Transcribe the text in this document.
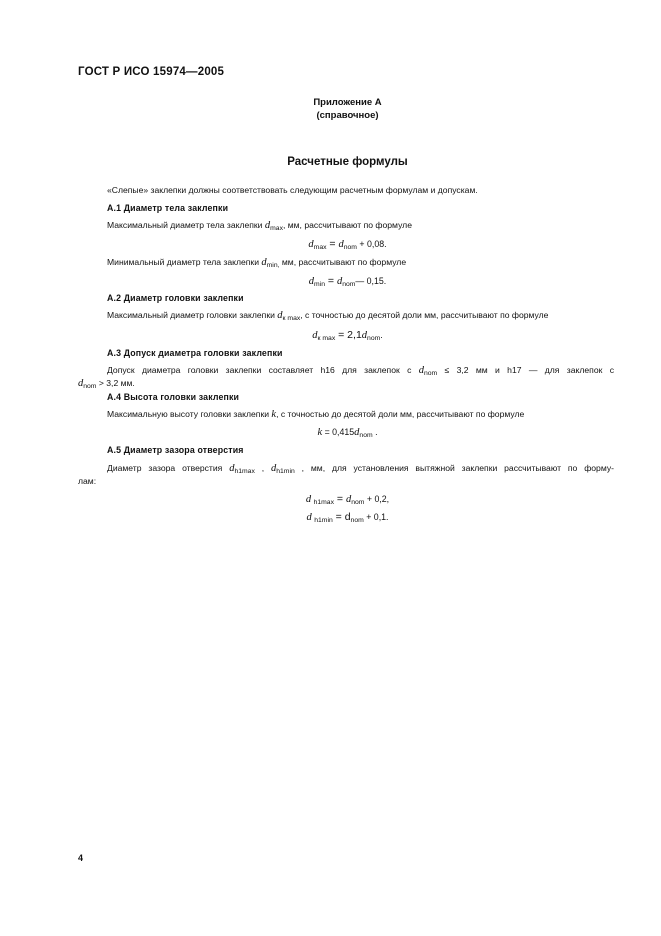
ГОСТ Р ИСО 15974—2005
Приложение А
(справочное)
Расчетные формулы
«Слепые» заклепки должны соответствовать следующим расчетным формулам и допускам.
А.1 Диаметр тела заклепки
Максимальный диаметр тела заклепки $d_{max}$, мм, рассчитывают по формуле
$d_{max} = d_{nom} + 0,08$.
Минимальный диаметр тела заклепки $d_{min,}$ мм, рассчитывают по формуле
$d_{min}$ = $d_{nom}—$ 0,15.
А.2 Диаметр головки заклепки
Максимальный диаметр головки заклепки $d_{к max}$, с точностью до десятой доли мм, рассчитывают по формуле
$d_{к max} = 2,1d_{nom}$.
А.3 Допуск диаметра головки заклепки
Допуск диаметра головки заклепки составляет h16 для заклепок с $d_{nom} \le 3,2$ мм и h17 — для заклепок с
$d_{nom} > 3,2$ мм.
А.4 Высота головки заклепки
Максимальную высоту головки заклепки k, с точностью до десятой доли мм, рассчитывают по формуле
$k = 0,415d_{nom}$ .
А.5 Диаметр зазора отверстия
Диаметр зазора отверстия $d_{h1max}$ , $d_{h1min}$ , мм, для установления вытяжной заклепки рассчитывают по форму-
лам:
d $_{h1max} = d_{nom} + 0,2$,
d $_{h1min} = d_{nom} + 0,1$.
4
